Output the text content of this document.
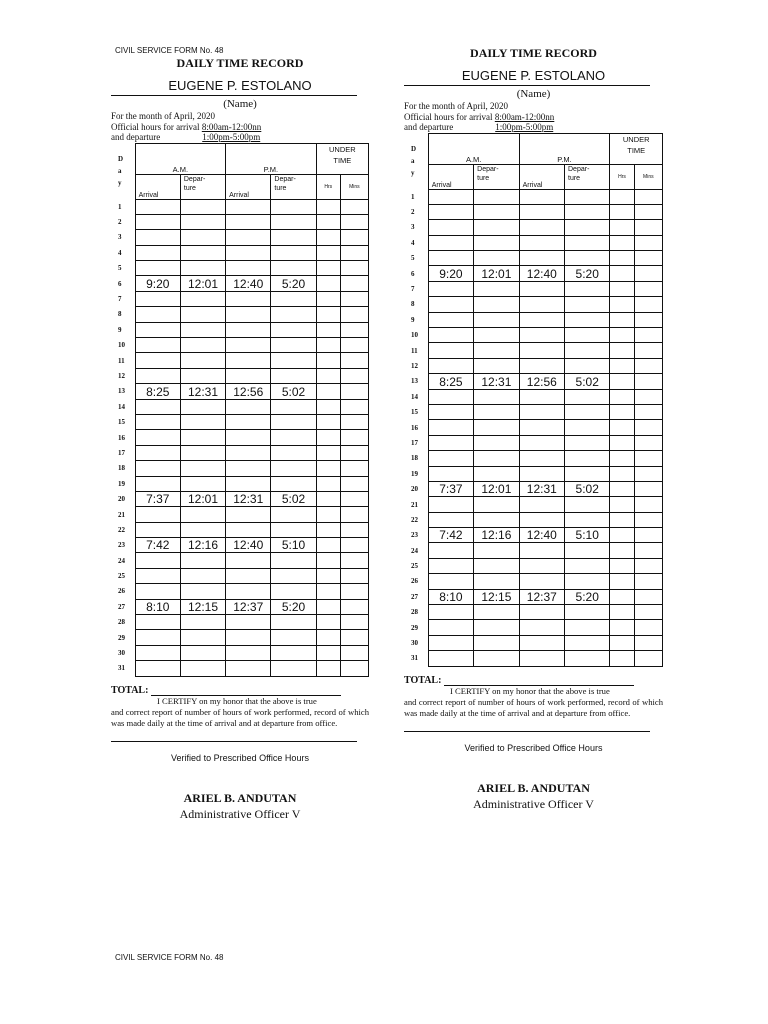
CIVIL SERVICE FORM No. 48
DAILY TIME RECORD
EUGENE P. ESTOLANO
(Name)
For the month of April, 2020
Official hours for arrival 8:00am-12:00nn
and departure	1:00pm-5:00pm
D
a
y	A.M.		P.M.		UNDER TIME	
	Arrival	Depar-ture	Arrival	Depar-ture	Hrs	Mins
1						
2						
3						
4						
5						
6	9:20	12:01	12:40	5:20		
7						
8						
9						
10						
11						
12						
13	8:25	12:31	12:56	5:02		
14						
15						
16						
17						
18						
19						
20	7:37	12:01	12:31	5:02		
21						
22						
23	7:42	12:16	12:40	5:10		
24						
25						
26						
27	8:10	12:15	12:37	5:20		
28						
29						
30						
31						
TOTAL:
I CERTIFY on my honor that the above is true
and correct report of number of hours of work performed, record of which was made daily at the time of arrival and at departure from office.
Verified to Prescribed Office Hours
ARIEL B. ANDUTAN
Administrative Officer V
DAILY TIME RECORD
EUGENE P. ESTOLANO
(Name)
For the month of April, 2020
Official hours for arrival 8:00am-12:00nn
and departure	1:00pm-5:00pm
D
a
y	A.M.		P.M.		UNDER TIME	
	Arrival	Depar-ture	Arrival	Depar-ture	Hrs	Mins
1						
2						
3						
4						
5						
6	9:20	12:01	12:40	5:20		
7						
8						
9						
10						
11						
12						
13	8:25	12:31	12:56	5:02		
14						
15						
16						
17						
18						
19						
20	7:37	12:01	12:31	5:02		
21						
22						
23	7:42	12:16	12:40	5:10		
24						
25						
26						
27	8:10	12:15	12:37	5:20		
28						
29						
30						
31						
TOTAL:
I CERTIFY on my honor that the above is true
and correct report of number of hours of work performed, record of which was made daily at the time of arrival and at departure from office.
Verified to Prescribed Office Hours
ARIEL B. ANDUTAN
Administrative Officer V
CIVIL SERVICE FORM No. 48
